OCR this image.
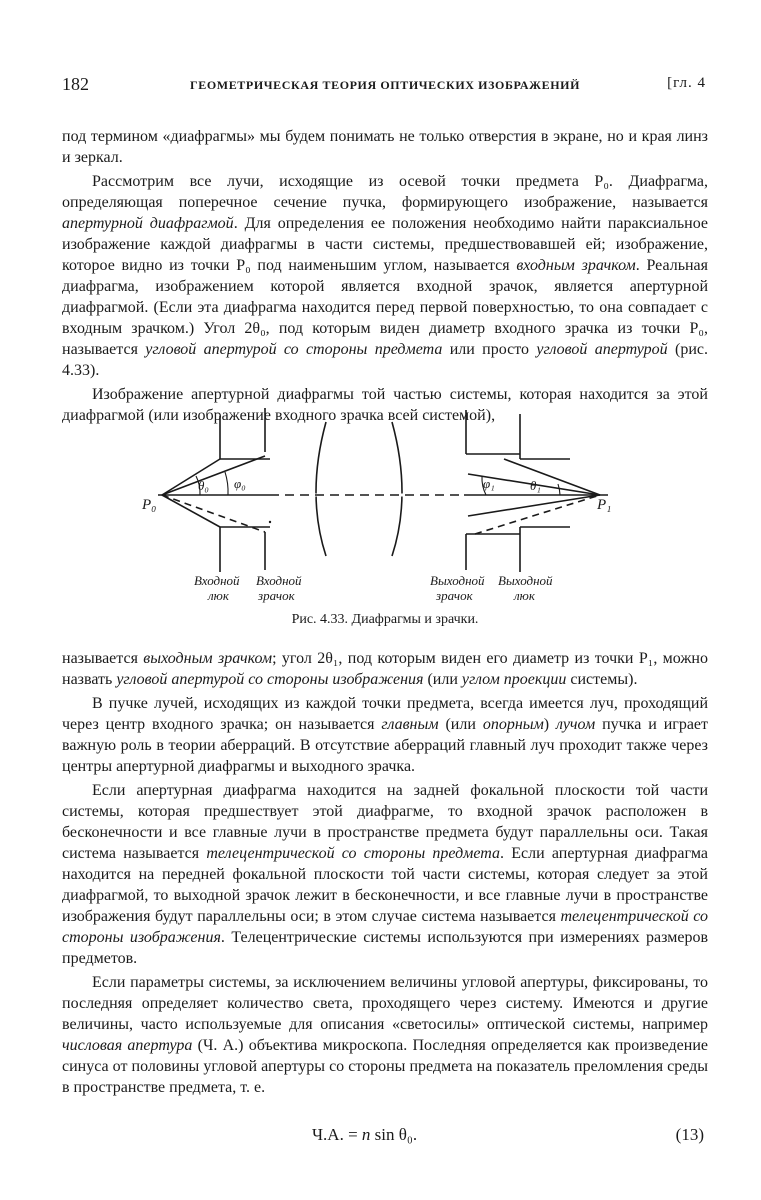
182	ГЕОМЕТРИЧЕСКАЯ ТЕОРИЯ ОПТИЧЕСКИХ ИЗОБРАЖЕНИЙ	[гл. 4

под термином «диафрагмы» мы будем понимать не только отверстия в экране, но и края линз и зеркал.

Рассмотрим все лучи, исходящие из осевой точки предмета P₀. Диафрагма, определяющая поперечное сечение пучка, формирующего изображение, называется апертурной диафрагмой. Для определения ее положения необходимо найти параксиальное изображение каждой диафрагмы в части системы, предшествовавшей ей; изображение, которое видно из точки P₀ под наименьшим углом, называется входным зрачком. Реальная диафрагма, изображением которой является входной зрачок, является апертурной диафрагмой. (Если эта диафрагма находится перед первой поверхностью, то она совпадает с входным зрачком.) Угол 2θ₀, под которым виден диаметр входного зрачка из точки P₀, называется угловой апертурой со стороны предмета или просто угловой апертурой (рис. 4.33).

Изображение апертурной диафрагмы той частью системы, которая находится за этой диафрагмой (или изображение входного зрачка всей системой),

P₀	P₁
θ₀ φ₀	φ₁	θ₁
Входной
люк
Входной
зрачок
Выходной
зрачок
Выходной
люк
Рис. 4.33. Диафрагмы и зрачки.

называется выходным зрачком; угол 2θ₁, под которым виден его диаметр из точки P₁, можно назвать угловой апертурой со стороны изображения (или углом проекции системы).

В пучке лучей, исходящих из каждой точки предмета, всегда имеется луч, проходящий через центр входного зрачка; он называется главным (или опорным) лучом пучка и играет важную роль в теории аберраций. В отсутствие аберраций главный луч проходит также через центры апертурной диафрагмы и выходного зрачка.

Если апертурная диафрагма находится на задней фокальной плоскости той части системы, которая предшествует этой диафрагме, то входной зрачок расположен в бесконечности и все главные лучи в пространстве предмета будут параллельны оси. Такая система называется телецентрической со стороны предмета. Если апертурная диафрагма находится на передней фокальной плоскости той части системы, которая следует за этой диафрагмой, то выходной зрачок лежит в бесконечности, и все главные лучи в пространстве изображения будут параллельны оси; в этом случае система называется телецентрической со стороны изображения. Телецентрические системы используются при измерениях размеров предметов.

Если параметры системы, за исключением величины угловой апертуры, фиксированы, то последняя определяет количество света, проходящего через систему. Имеются и другие величины, часто используемые для описания «светосилы» оптической системы, например числовая апертура (Ч. А.) объектива микроскопа. Последняя определяется как произведение синуса от половины угловой апертуры со стороны предмета на показатель преломления среды в пространстве предмета, т. е.

Ч.А. = n sin θ₀.	(13)
